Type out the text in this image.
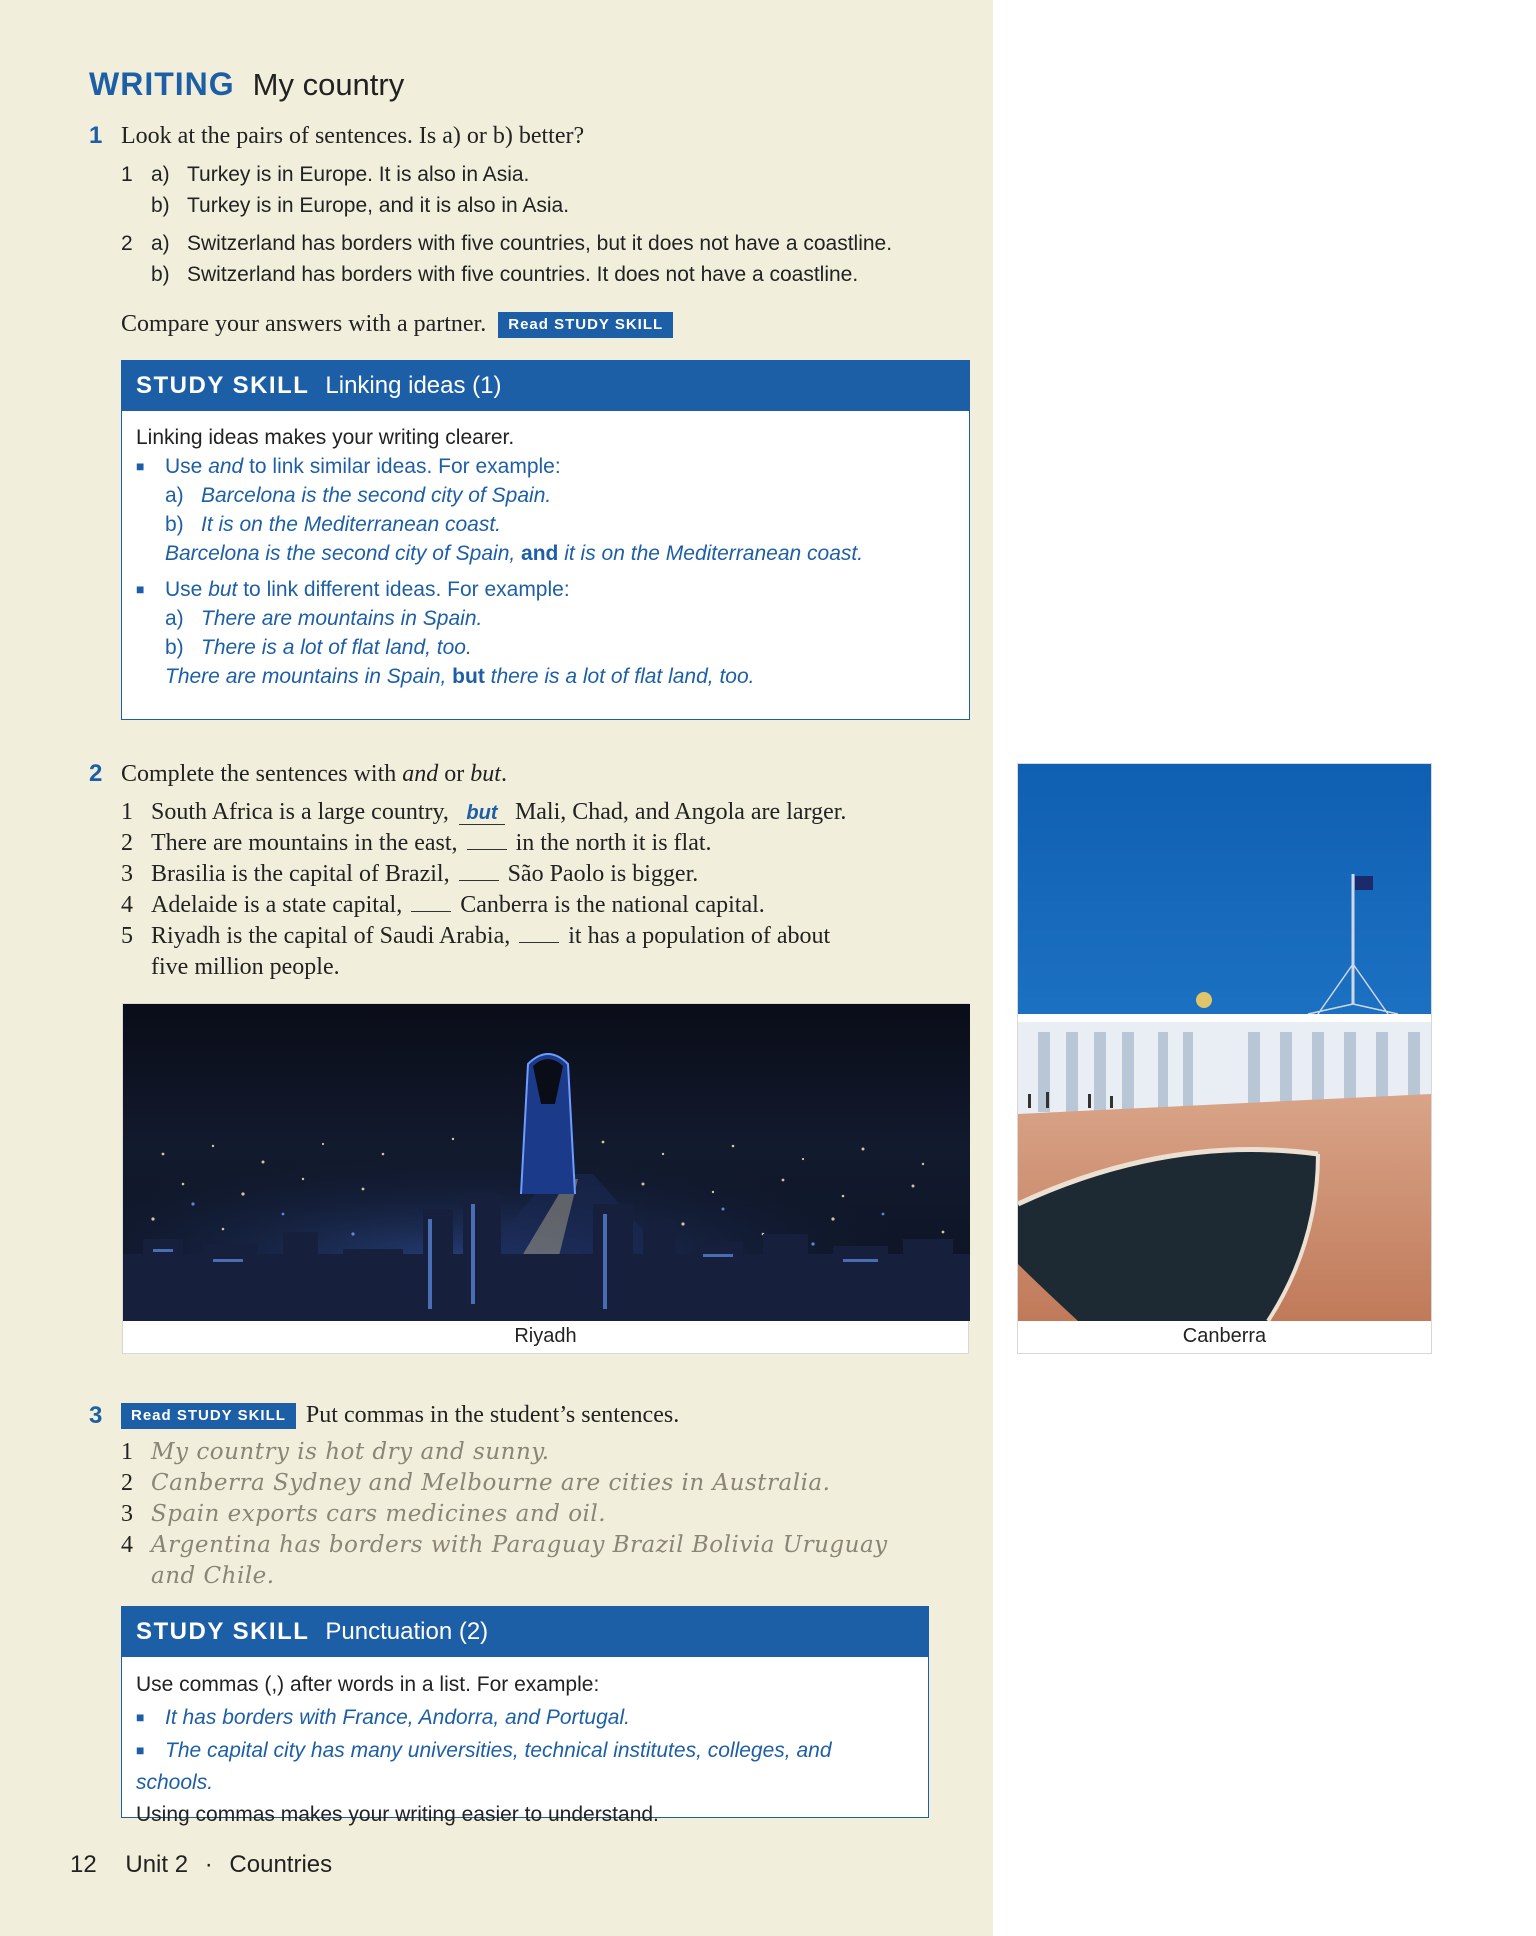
WRITING My country
1 Look at the pairs of sentences. Is a) or b) better?
1 a) Turkey is in Europe. It is also in Asia.
b) Turkey is in Europe, and it is also in Asia.
2 a) Switzerland has borders with five countries, but it does not have a coastline.
b) Switzerland has borders with five countries. It does not have a coastline.
Compare your answers with a partner. Read STUDY SKILL
STUDY SKILL Linking ideas (1)
Linking ideas makes your writing clearer.
■ Use and to link similar ideas. For example:
a) Barcelona is the second city of Spain.
b) It is on the Mediterranean coast.
Barcelona is the second city of Spain, and it is on the Mediterranean coast.
■ Use but to link different ideas. For example:
a) There are mountains in Spain.
b) There is a lot of flat land, too.
There are mountains in Spain, but there is a lot of flat land, too.
2 Complete the sentences with and or but.
1 South Africa is a large country, but Mali, Chad, and Angola are larger.
2 There are mountains in the east,  in the north it is flat.
3 Brasilia is the capital of Brazil,  São Paolo is bigger.
4 Adelaide is a state capital,  Canberra is the national capital.
5 Riyadh is the capital of Saudi Arabia,  it has a population of about
five million people.
Riyadh	Canberra
3	Read STUDY SKILL Put commas in the student’s sentences.
1 My country is hot dry and sunny.
2 Canberra Sydney and Melbourne are cities in Australia.
3 Spain exports cars medicines and oil.
4 Argentina has borders with Paraguay Brazil Bolivia Uruguay
and Chile.
STUDY SKILL Punctuation (2)
Use commas (,) after words in a list. For example:
■ It has borders with France, Andorra, and Portugal.
■ The capital city has many universities, technical institutes, colleges, and schools.
Using commas makes your writing easier to understand.
12 Unit 2 · Countries
